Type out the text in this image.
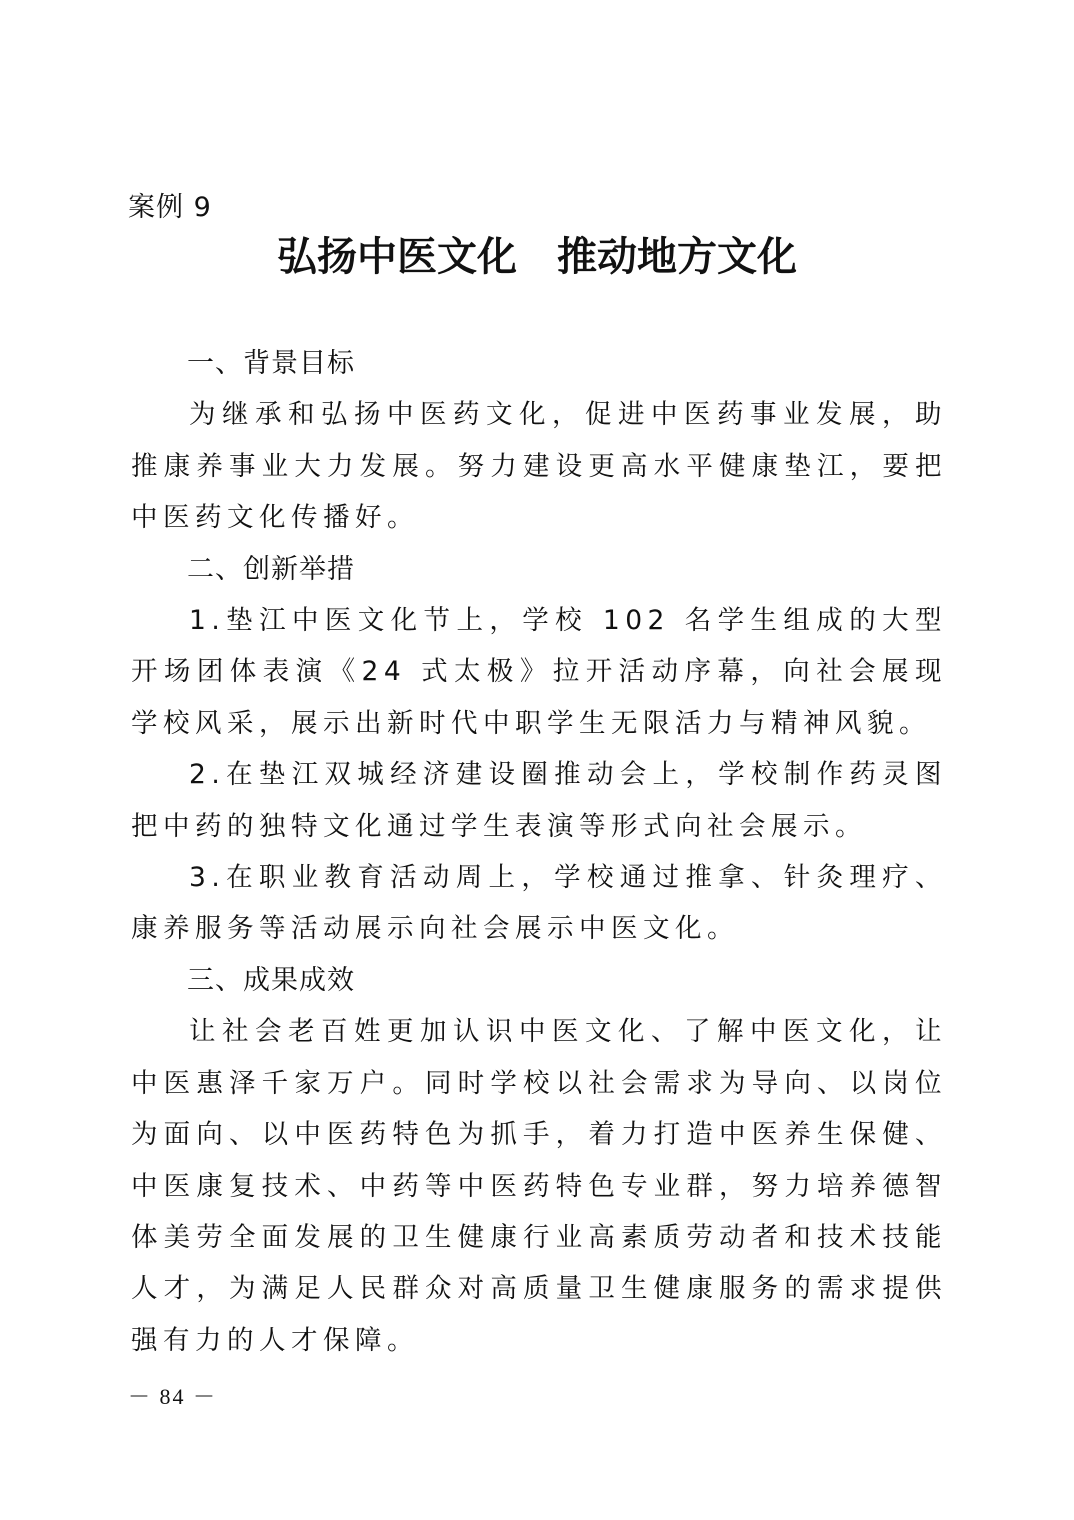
案例 9
弘扬中医文化　推动地方文化

一、背景目标

为继承和弘扬中医药文化，促进中医药事业发展，助推康养事业大力发展。努力建设更高水平健康垫江，要把中医药文化传播好。

二、创新举措

1.垫江中医文化节上，学校 102 名学生组成的大型开场团体表演《24 式太极》拉开活动序幕，向社会展现学校风采，展示出新时代中职学生无限活力与精神风貌。

2.在垫江双城经济建设圈推动会上，学校制作药灵图把中药的独特文化通过学生表演等形式向社会展示。

3.在职业教育活动周上，学校通过推拿、针灸理疗、康养服务等活动展示向社会展示中医文化。

三、成果成效

让社会老百姓更加认识中医文化、了解中医文化，让中医惠泽千家万户。同时学校以社会需求为导向、以岗位为面向、以中医药特色为抓手，着力打造中医养生保健、中医康复技术、中药等中医药特色专业群，努力培养德智体美劳全面发展的卫生健康行业高素质劳动者和技术技能人才，为满足人民群众对高质量卫生健康服务的需求提供强有力的人才保障。

－ 84 －
